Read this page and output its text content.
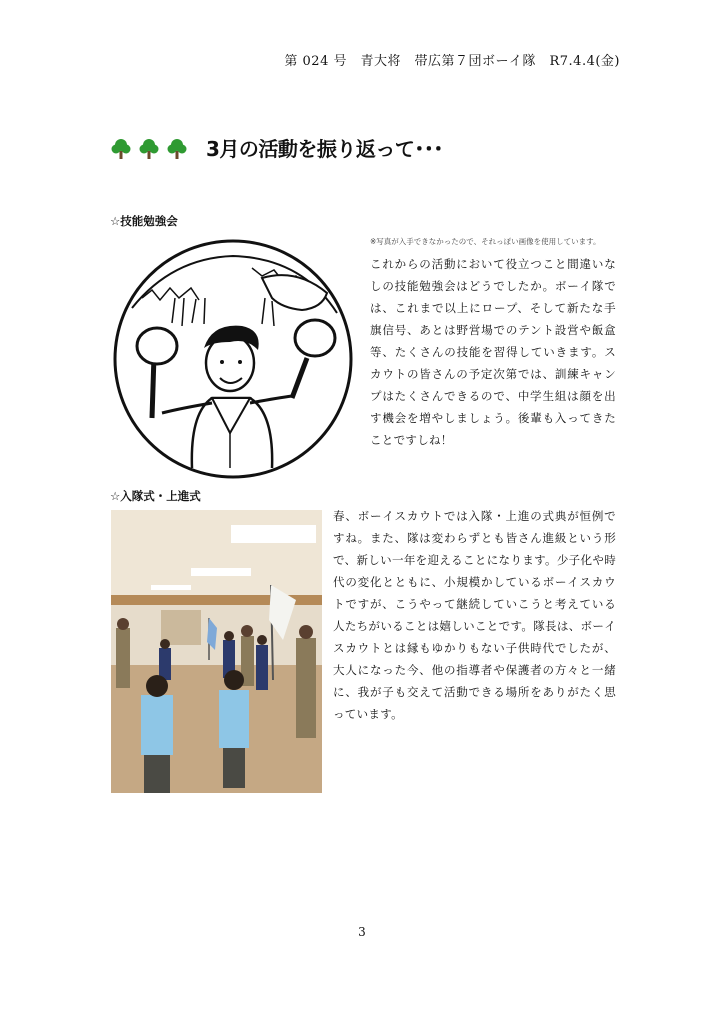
第 024 号　青大将　帯広第７団ボーイ隊　R7.4.4(金)
3月の活動を振り返って･･･
☆技能勉強会
※写真が入手できなかったので、それっぽい画像を使用しています。
これからの活動において役立つこと間違いなしの技能勉強会はどうでしたか。ボーイ隊では、これまで以上にロープ、そして新たな手旗信号、あとは野営場でのテント設営や飯盒等、たくさんの技能を習得していきます。スカウトの皆さんの予定次第では、訓練キャンプはたくさんできるので、中学生組は顔を出す機会を増やしましょう。後輩も入ってきたことですしね！
☆入隊式・上進式
春、ボーイスカウトでは入隊・上進の式典が恒例ですね。また、隊は変わらずとも皆さん進級という形で、新しい一年を迎えることになります。少子化や時代の変化とともに、小規模かしているボーイスカウトですが、こうやって継続していこうと考えている人たちがいることは嬉しいことです。隊長は、ボーイスカウトとは縁もゆかりもない子供時代でしたが、大人になった今、他の指導者や保護者の方々と一緒に、我が子も交えて活動できる場所をありがたく思っています。
3
